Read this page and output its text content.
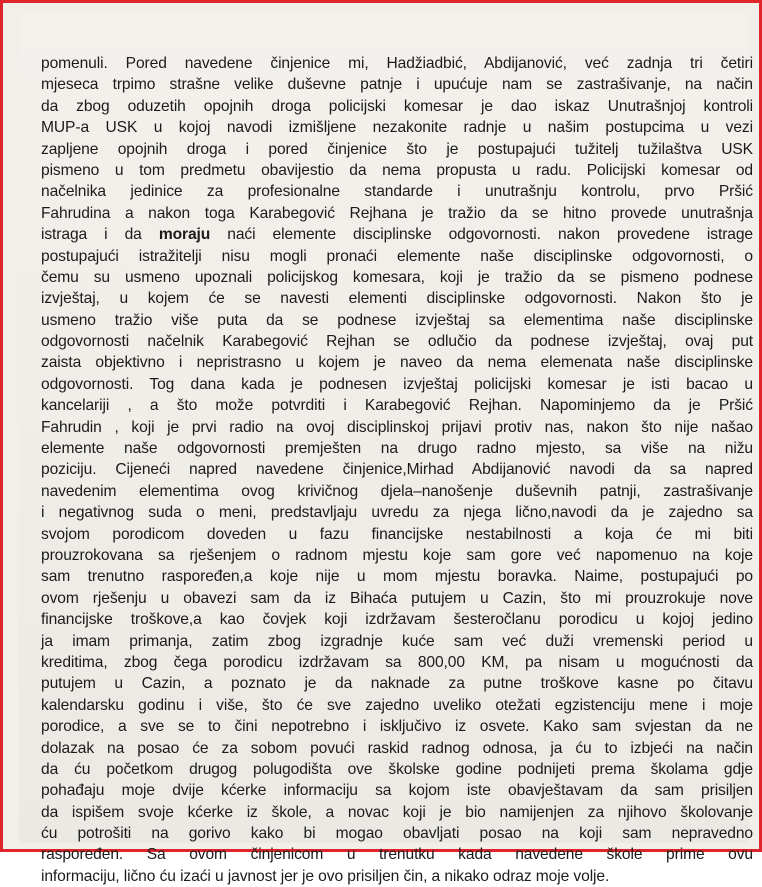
pomenuli. Pored navedene činjenice mi, Hadžiadbić, Abdijanović, već zadnja tri četiri
mjeseca trpimo strašne velike duševne patnje i upućuje nam se zastrašivanje, na način
da zbog oduzetih opojnih droga policijski komesar je dao iskaz Unutrašnjoj kontroli
MUP-a USK u kojoj navodi izmišljene nezakonite radnje u našim postupcima u vezi
zapljene opojnih droga i pored činjenice što je postupajući tužitelj tužilaštva USK
pismeno u tom predmetu obavijestio da nema propusta u radu. Policijski komesar od
načelnika jedinice za profesionalne standarde i unutrašnju kontrolu, prvo Pršić
Fahrudina a nakon toga Karabegović Rejhana je tražio da se hitno provede unutrašnja
istraga i da moraju naći elemente disciplinske odgovornosti. nakon provedene istrage
postupajući istražitelji nisu mogli pronaći elemente naše disciplinske odgovornosti, o
čemu su usmeno upoznali policijskog komesara, koji je tražio da se pismeno podnese
izvještaj, u kojem će se navesti elementi disciplinske odgovornosti. Nakon što je
usmeno tražio više puta da se podnese izvještaj sa elementima naše disciplinske
odgovornosti načelnik Karabegović Rejhan se odlučio da podnese izvještaj, ovaj put
zaista objektivno i nepristrasno u kojem je naveo da nema elemenata naše disciplinske
odgovornosti. Tog dana kada je podnesen izvještaj policijski komesar je isti bacao u
kancelariji , a što može potvrditi i Karabegović Rejhan. Napominjemo da je Pršić
Fahrudin , koji je prvi radio na ovoj disciplinskoj prijavi protiv nas, nakon što nije našao
elemente naše odgovornosti premješten na drugo radno mjesto, sa više na nižu
poziciju. Cijeneći napred navedene činjenice,Mirhad Abdijanović navodi da sa napred
navedenim elementima ovog krivičnog djela–nanošenje duševnih patnji, zastrašivanje
i negativnog suda o meni, predstavljaju uvredu za njega lično,navodi da je zajedno sa
svojom porodicom doveden u fazu financijske nestabilnosti a koja će mi biti
prouzrokovana sa rješenjem o radnom mjestu koje sam gore već napomenuo na koje
sam trenutno raspoređen,a koje nije u mom mjestu boravka. Naime, postupajući po
ovom rješenju u obavezi sam da iz Bihaća putujem u Cazin, što mi prouzrokuje nove
financijske troškove,a kao čovjek koji izdržavam šesteročlanu porodicu u kojoj jedino
ja imam primanja, zatim zbog izgradnje kuće sam već duži vremenski period u
kreditima, zbog čega porodicu izdržavam sa 800,00 KM, pa nisam u mogućnosti da
putujem u Cazin, a poznato je da naknade za putne troškove kasne po čitavu
kalendarsku godinu i više, što će sve zajedno uveliko otežati egzistenciju mene i moje
porodice, a sve se to čini nepotrebno i isključivo iz osvete. Kako sam svjestan da ne
dolazak na posao će za sobom povući raskid radnog odnosa, ja ću to izbjeći na način
da ću početkom drugog polugodišta ove školske godine podnijeti prema školama gdje
pohađaju moje dvije kćerke informaciju sa kojom iste obavještavam da sam prisiljen
da ispišem svoje kćerke iz škole, a novac koji je bio namijenjen za njihovo školovanje
ću potrošiti na gorivo kako bi mogao obavljati posao na koji sam nepravedno
raspoređen. Sa ovom činjenicom u trenutku kada navedene škole prime ovu
informaciju, lično ću izaći u javnost jer je ovo prisiljen čin, a nikako odraz moje volje.
